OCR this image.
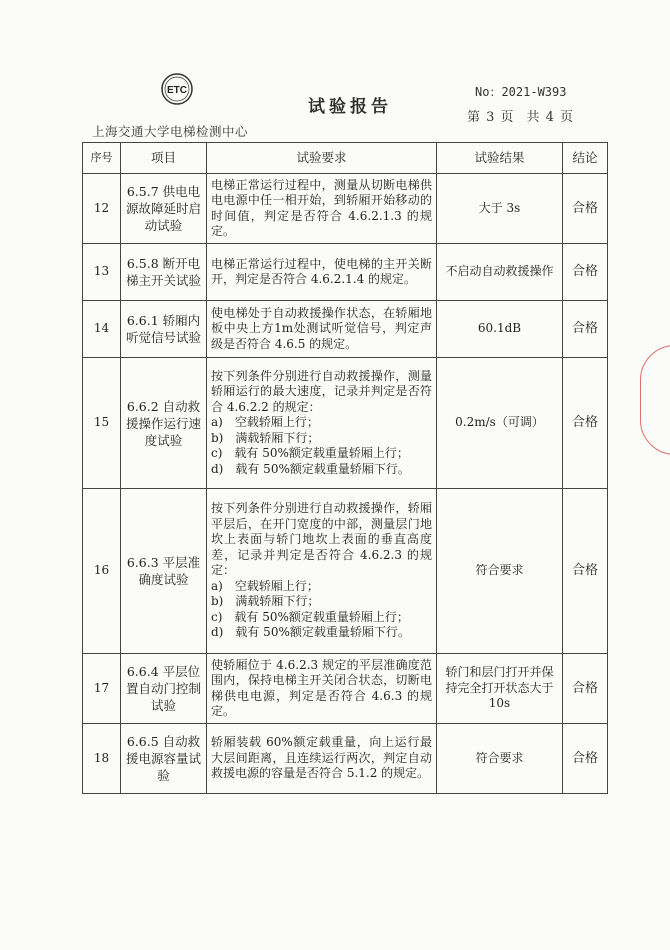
ETC
上海交通大学电梯检测中心
试验报告
No：2021-W393
第 3 页　共 4 页
序号	项目	试验要求	试验结果	结论
12	6.5.7 供电电源故障延时启动试验	电梯正常运行过程中，测量从切断电梯供电电源中任一相开始，到轿厢开始移动的时间值，判定是否符合 4.6.2.1.3 的规定。	大于 3s	合格
13	6.5.8 断开电梯主开关试验	电梯正常运行过程中，使电梯的主开关断开，判定是否符合 4.6.2.1.4 的规定。	不启动自动救援操作	合格
14	6.6.1 轿厢内听觉信号试验	使电梯处于自动救援操作状态，在轿厢地板中央上方1m处测试听觉信号，判定声级是否符合 4.6.5 的规定。	60.1dB	合格
15	6.6.2 自动救援操作运行速度试验	按下列条件分别进行自动救援操作，测量轿厢运行的最大速度，记录并判定是否符合 4.6.2.2 的规定：
a)　空载轿厢上行；
b)　满载轿厢下行；
c)　载有 50%额定载重量轿厢上行；
d)　载有 50%额定载重量轿厢下行。	0.2m/s（可调）	合格
16	6.6.3 平层准确度试验	按下列条件分别进行自动救援操作，轿厢平层后，在开门宽度的中部，测量层门地坎上表面与轿门地坎上表面的垂直高度差，记录并判定是否符合 4.6.2.3 的规定：
a)　空载轿厢上行；
b)　满载轿厢下行；
c)　载有 50%额定载重量轿厢上行；
d)　载有 50%额定载重量轿厢下行。	符合要求	合格
17	6.6.4 平层位置自动门控制试验	使轿厢位于 4.6.2.3 规定的平层准确度范围内，保持电梯主开关闭合状态，切断电梯供电电源，判定是否符合 4.6.3 的规定。	轿门和层门打开并保持完全打开状态大于 10s	合格
18	6.6.5 自动救援电源容量试验	轿厢装载 60%额定载重量，向上运行最大层间距离，且连续运行两次，判定自动救援电源的容量是否符合 5.1.2 的规定。	符合要求	合格
